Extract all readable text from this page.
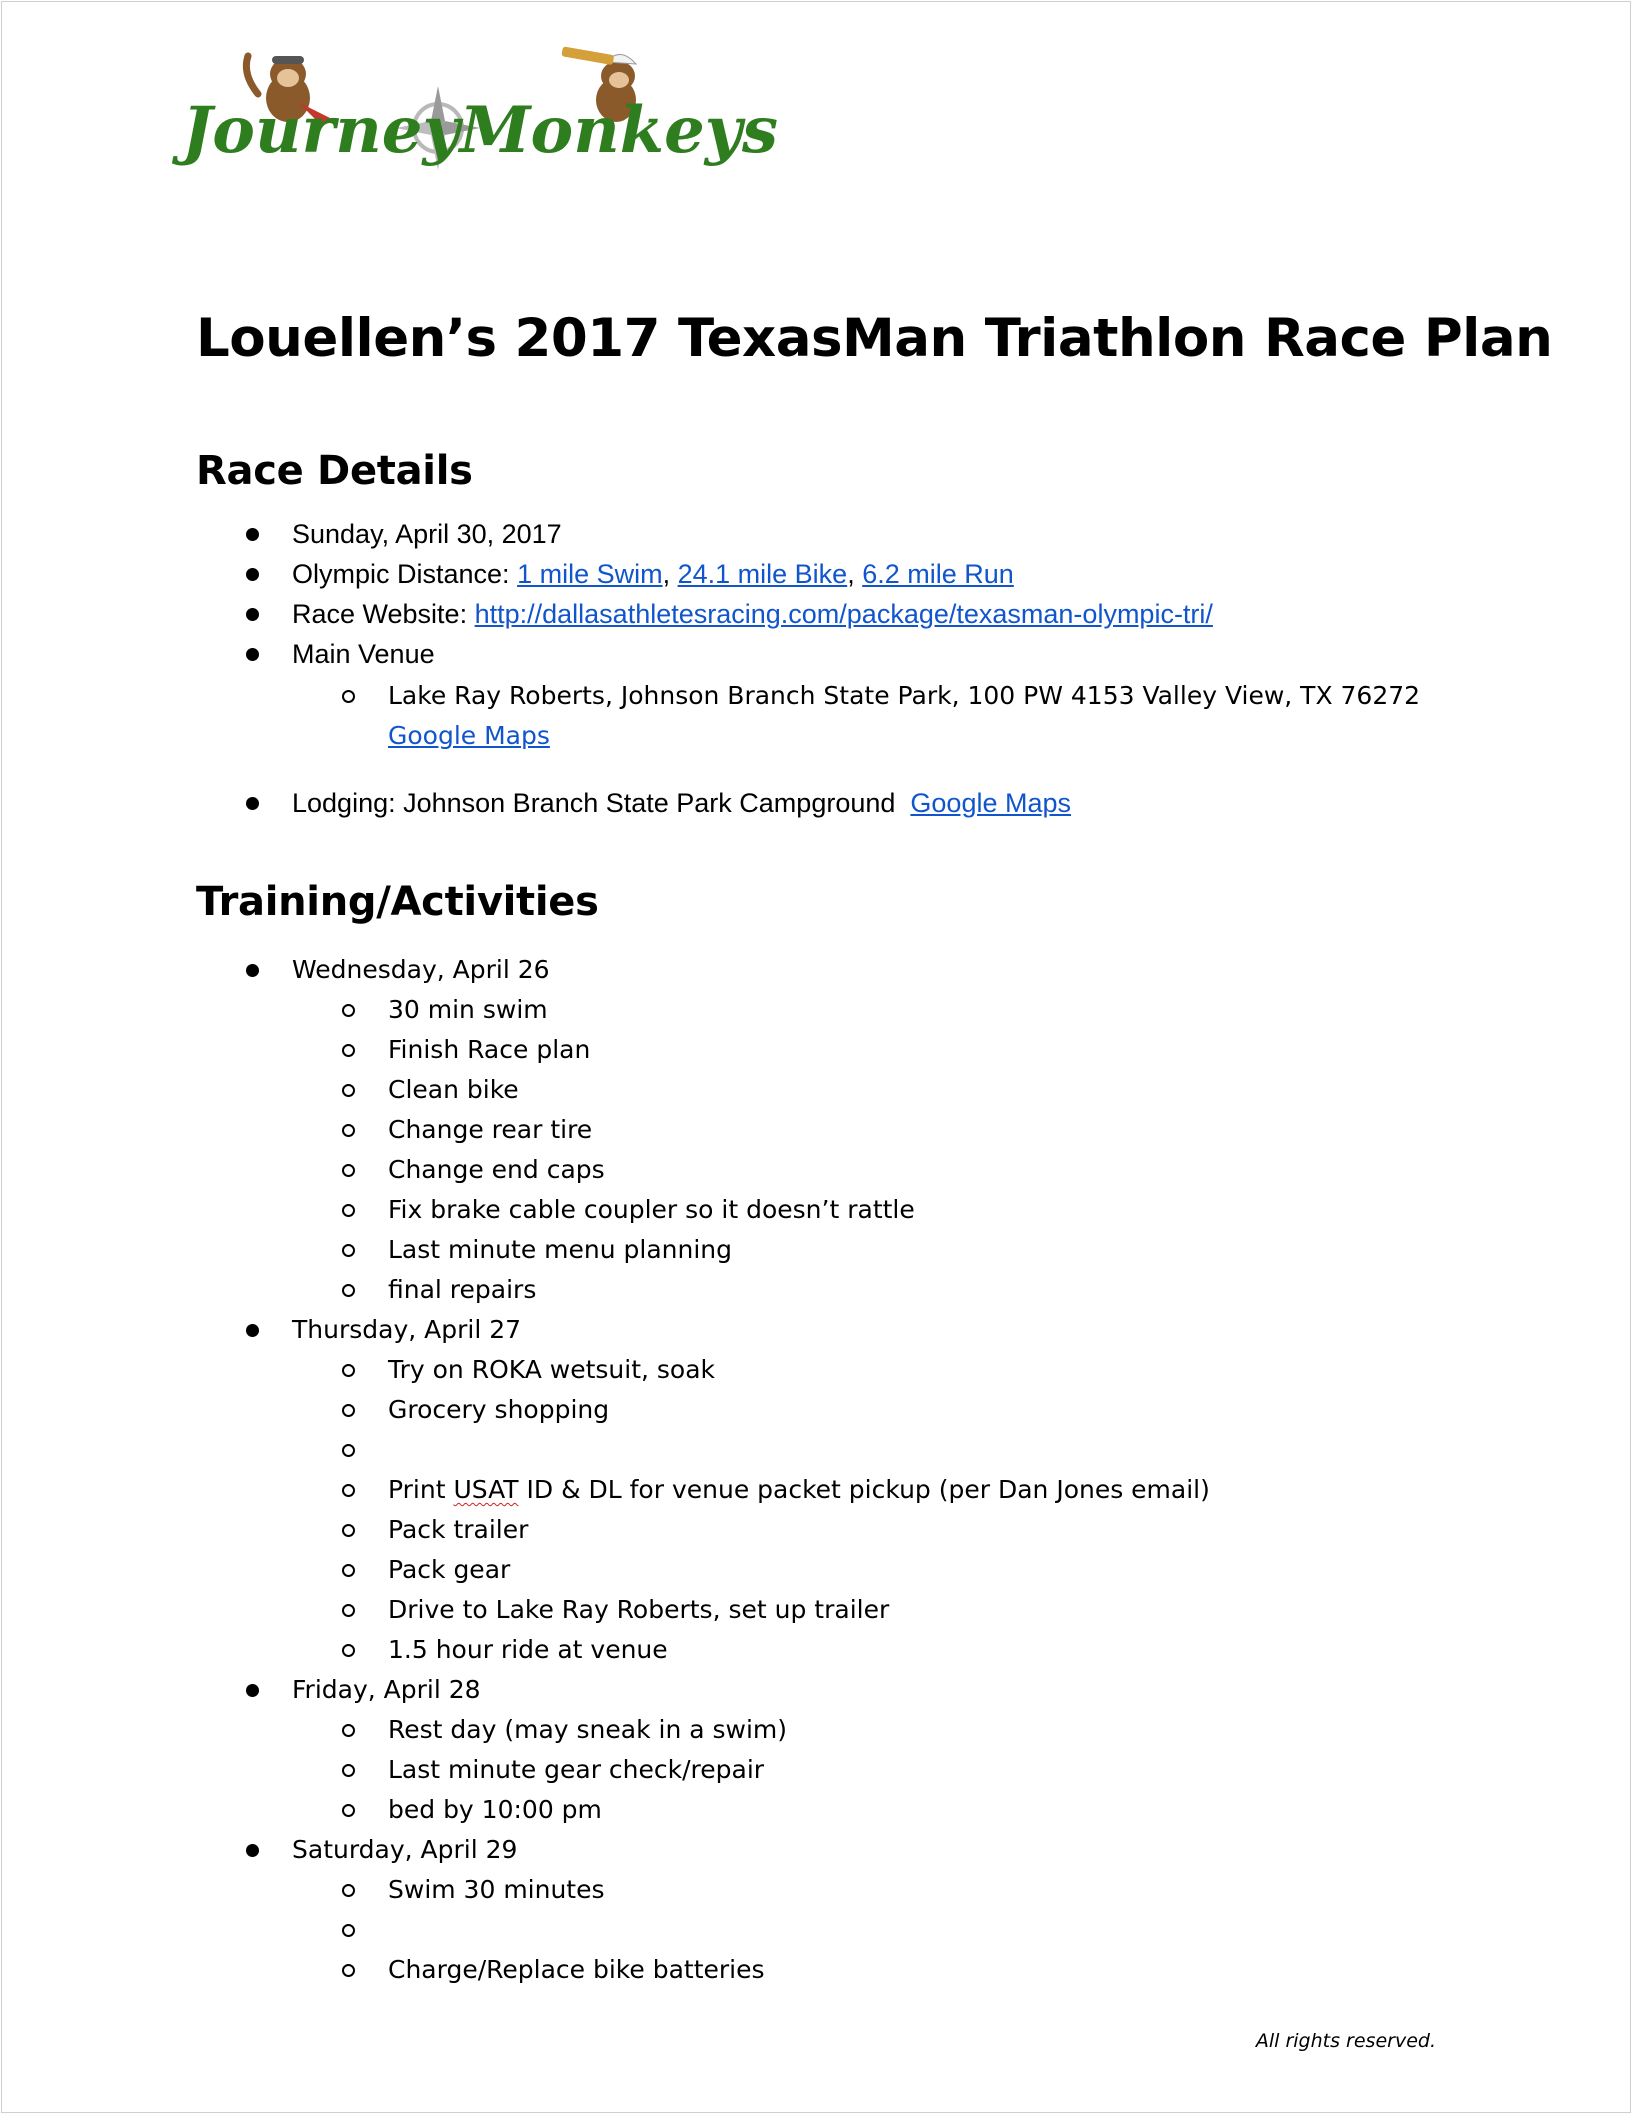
JourneyMonkeys
Louellen’s 2017 TexasMan Triathlon Race Plan
Race Details
Sunday, April 30, 2017
Olympic Distance: 1 mile Swim, 24.1 mile Bike, 6.2 mile Run
Race Website: http://dallasathletesracing.com/package/texasman-olympic-tri/
Main Venue
Lake Ray Roberts, Johnson Branch State Park, 100 PW 4153 Valley View, TX 76272
Google Maps
Lodging: Johnson Branch State Park Campground Google Maps
Training/Activities
Wednesday, April 26
30 min swim
Finish Race plan
Clean bike
Change rear tire
Change end caps
Fix brake cable coupler so it doesn’t rattle
Last minute menu planning
final repairs
Thursday, April 27
Try on ROKA wetsuit, soak
Grocery shopping
Print USAT ID & DL for venue packet pickup (per Dan Jones email)
Pack trailer
Pack gear
Drive to Lake Ray Roberts, set up trailer
1.5 hour ride at venue
Friday, April 28
Rest day (may sneak in a swim)
Last minute gear check/repair
bed by 10:00 pm
Saturday, April 29
Swim 30 minutes
Charge/Replace bike batteries
All rights reserved.
